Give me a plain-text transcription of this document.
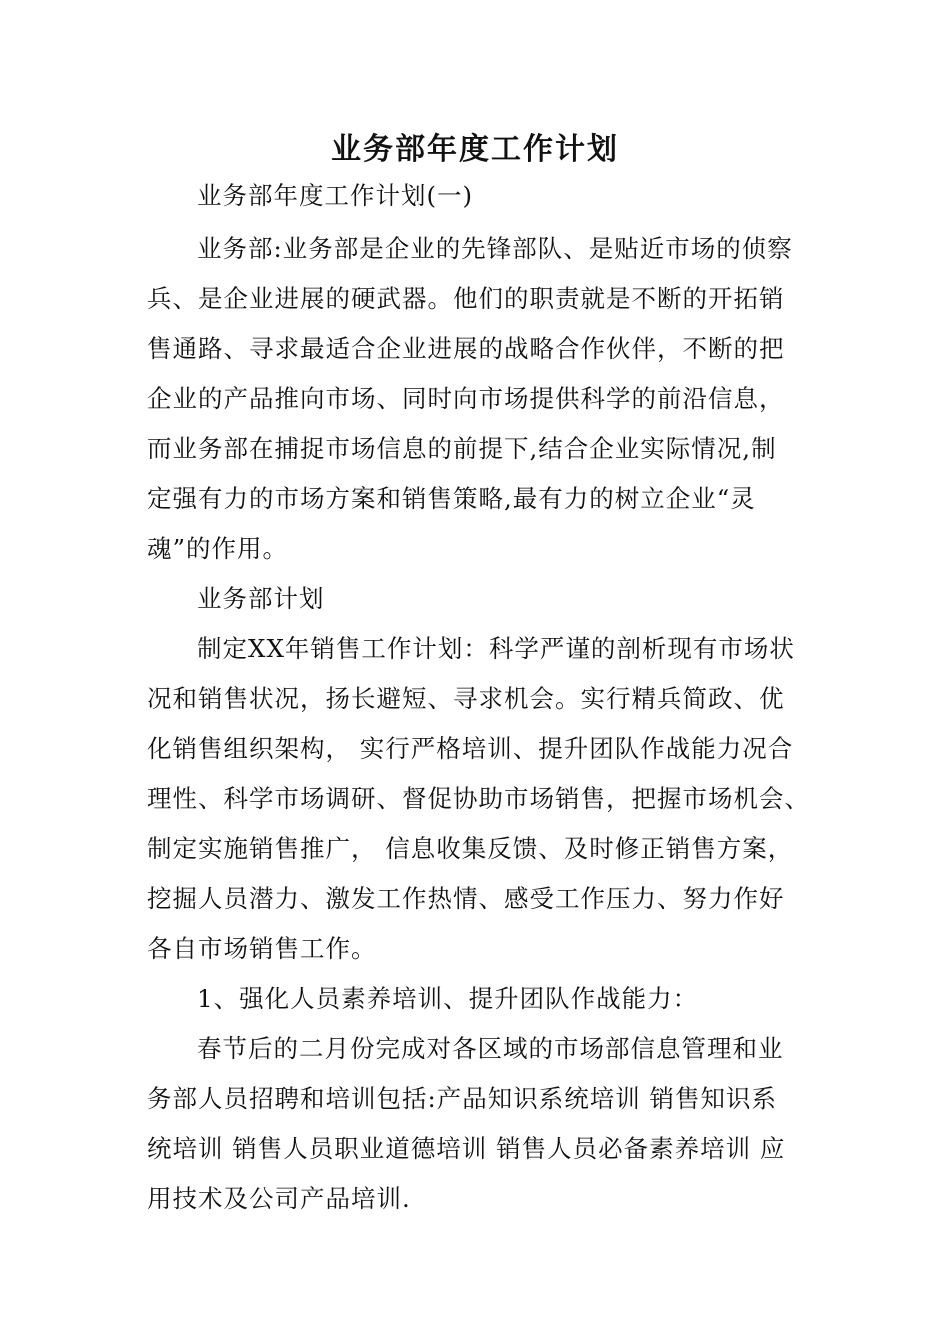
业务部年度工作计划
业务部年度工作计划(一)
业务部:业务部是企业的先锋部队、是贴近市场的侦察
兵、是企业进展的硬武器。他们的职责就是不断的开拓销
售通路、寻求最适合企业进展的战略合作伙伴，不断的把
企业的产品推向市场、同时向市场提供科学的前沿信息，
而业务部在捕捉市场信息的前提下,结合企业实际情况,制
定强有力的市场方案和销售策略,最有力的树立企业“灵
魂”的作用。
业务部计划
制定XX年销售工作计划：科学严谨的剖析现有市场状
况和销售状况，扬长避短、寻求机会。实行精兵简政、优
化销售组织架构， 实行严格培训、提升团队作战能力况合
理性、科学市场调研、督促协助市场销售，把握市场机会、
制定实施销售推广， 信息收集反馈、及时修正销售方案，
挖掘人员潜力、激发工作热情、感受工作压力、努力作好
各自市场销售工作。
1、强化人员素养培训、提升团队作战能力：
春节后的二月份完成对各区域的市场部信息管理和业
务部人员招聘和培训包括:产品知识系统培训 销售知识系
统培训 销售人员职业道德培训 销售人员必备素养培训 应
用技术及公司产品培训.
